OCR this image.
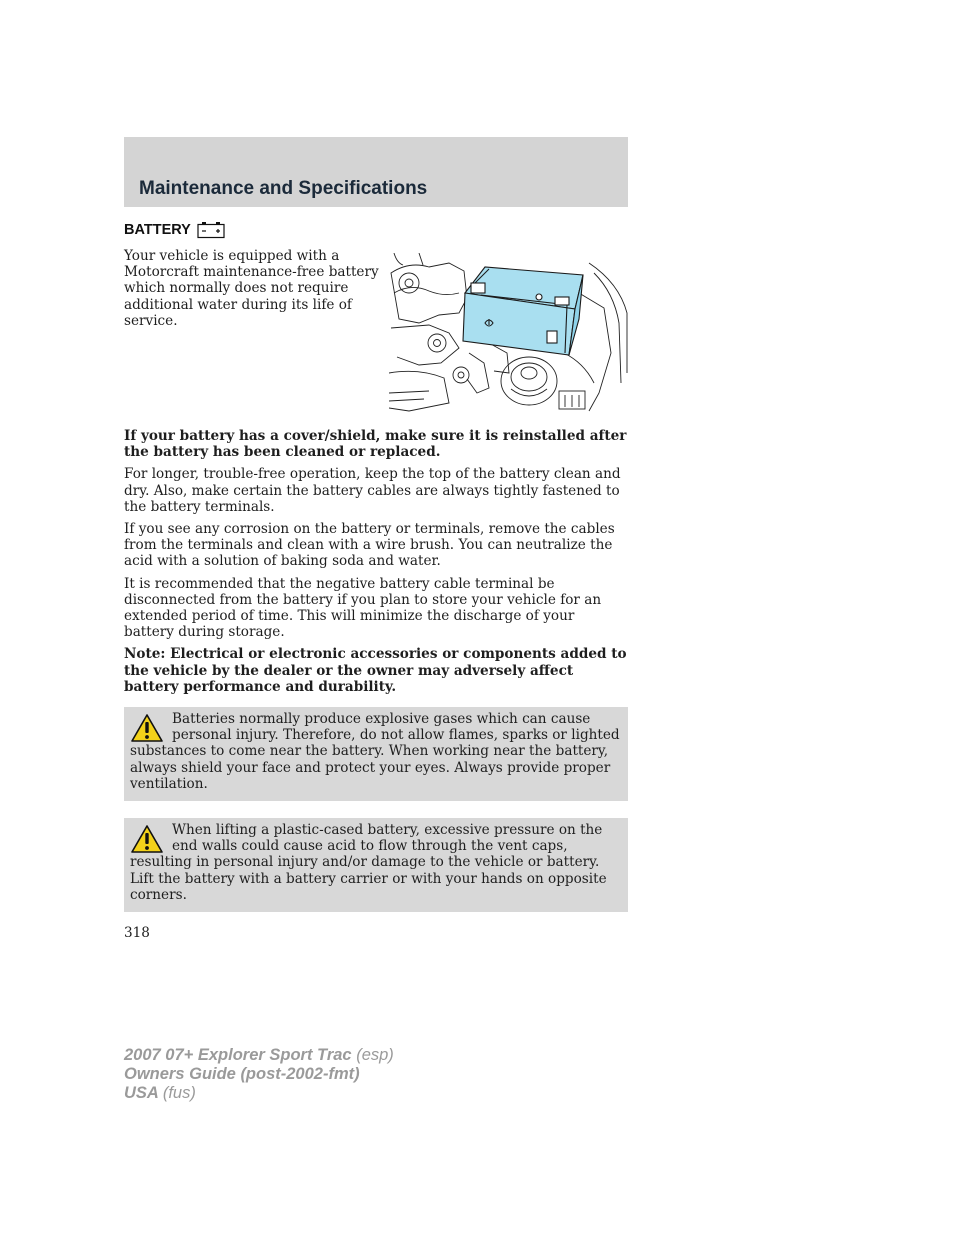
Maintenance and Specifications
BATTERY

Your vehicle is equipped with a Motorcraft maintenance-free battery which normally does not require additional water during its life of service.

If your battery has a cover/shield, make sure it is reinstalled after the battery has been cleaned or replaced.

For longer, trouble-free operation, keep the top of the battery clean and dry. Also, make certain the battery cables are always tightly fastened to the battery terminals.

If you see any corrosion on the battery or terminals, remove the cables from the terminals and clean with a wire brush. You can neutralize the acid with a solution of baking soda and water.

It is recommended that the negative battery cable terminal be disconnected from the battery if you plan to store your vehicle for an extended period of time. This will minimize the discharge of your battery during storage.

Note: Electrical or electronic accessories or components added to the vehicle by the dealer or the owner may adversely affect battery performance and durability.

Batteries normally produce explosive gases which can cause personal injury. Therefore, do not allow flames, sparks or lighted substances to come near the battery. When working near the battery, always shield your face and protect your eyes. Always provide proper ventilation.

When lifting a plastic-cased battery, excessive pressure on the end walls could cause acid to flow through the vent caps, resulting in personal injury and/or damage to the vehicle or battery. Lift the battery with a battery carrier or with your hands on opposite corners.

318

2007 07+ Explorer Sport Trac (esp)
Owners Guide (post-2002-fmt)
USA (fus)
